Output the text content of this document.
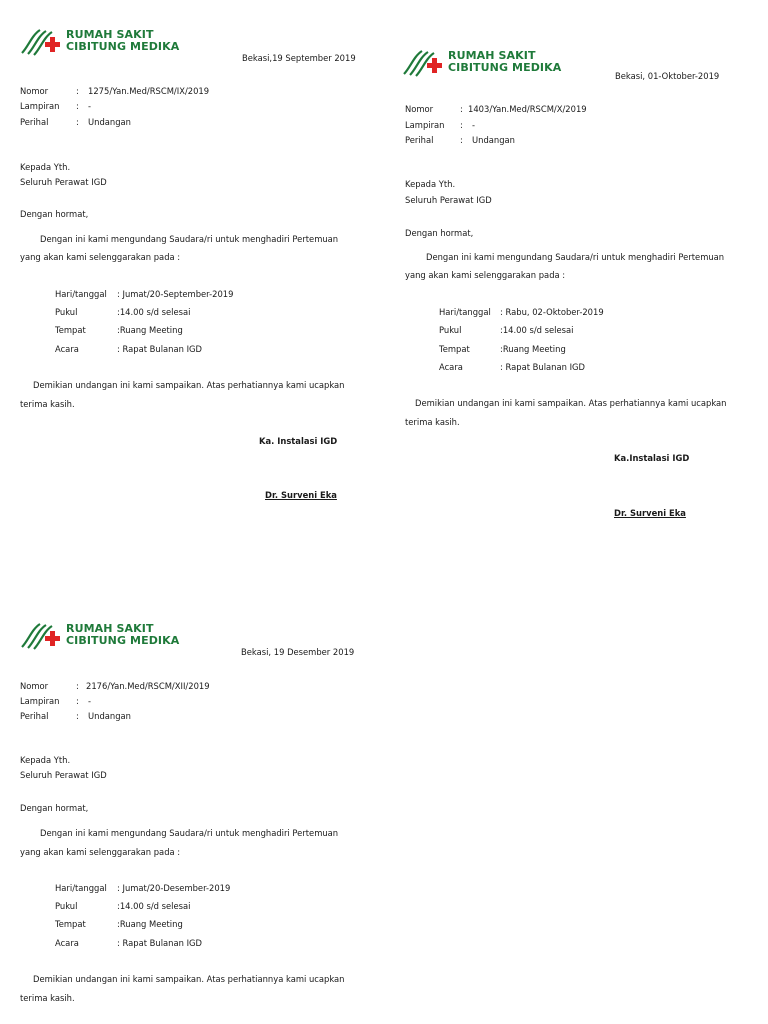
RUMAH SAKIT
CIBITUNG MEDIKA
Bekasi,19 September 2019
Nomor	: 1275/Yan.Med/RSCM/IX/2019
Lampiran : -
Perihal	: Undangan
Kepada Yth.
Seluruh Perawat IGD
Dengan hormat,
Dengan ini kami mengundang Saudara/ri untuk menghadiri Pertemuan
yang akan kami selenggarakan pada :
Hari/tanggal : Jumat/20-September-2019
Pukul	:14.00 s/d selesai
Tempat	:Ruang Meeting
Acara	: Rapat Bulanan IGD
Demikian undangan ini kami sampaikan. Atas perhatiannya kami ucapkan
terima kasih.
Ka. Instalasi IGD
Dr. Surveni Eka
RUMAH SAKIT
CIBITUNG MEDIKA
Bekasi, 01-Oktober-2019
Nomor	: 1403/Yan.Med/RSCM/X/2019
Lampiran : -
Perihal	: Undangan
Kepada Yth.
Seluruh Perawat IGD
Dengan hormat,
Dengan ini kami mengundang Saudara/ri untuk menghadiri Pertemuan
yang akan kami selenggarakan pada :
Hari/tanggal : Rabu, 02-Oktober-2019
Pukul	:14.00 s/d selesai
Tempat	:Ruang Meeting
Acara	: Rapat Bulanan IGD
Demikian undangan ini kami sampaikan. Atas perhatiannya kami ucapkan
terima kasih.
Ka.Instalasi IGD
Dr. Surveni Eka
RUMAH SAKIT
CIBITUNG MEDIKA
Bekasi, 19 Desember 2019
Nomor	: 2176/Yan.Med/RSCM/XII/2019
Lampiran : -
Perihal	: Undangan
Kepada Yth.
Seluruh Perawat IGD
Dengan hormat,
Dengan ini kami mengundang Saudara/ri untuk menghadiri Pertemuan
yang akan kami selenggarakan pada :
Hari/tanggal : Jumat/20-Desember-2019
Pukul	:14.00 s/d selesai
Tempat	:Ruang Meeting
Acara	: Rapat Bulanan IGD
Demikian undangan ini kami sampaikan. Atas perhatiannya kami ucapkan
terima kasih.
